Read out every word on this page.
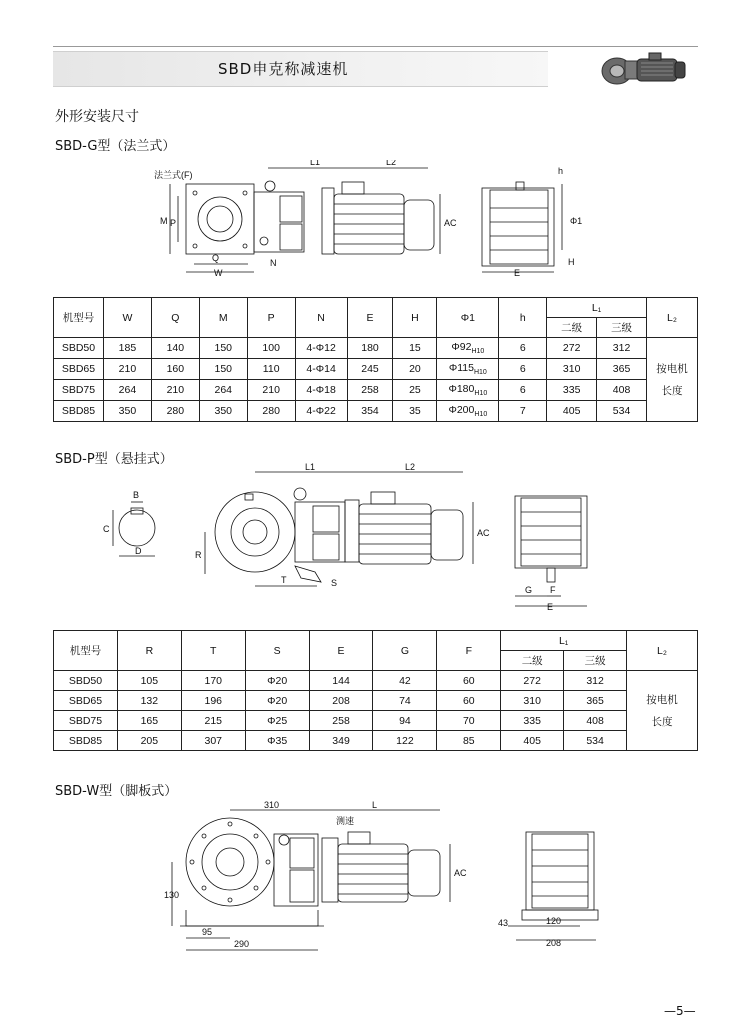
SBD申克称减速机
外形安装尺寸
SBD-G型（法兰式）
法兰式(F)
L1	L2
M P
Q
W
N
AC	Φ1
h
H
E
机型号	W	Q	M	P	N	E	H	Φ1	h	L₁		L₂
										二级	三级	
SBD50	185	140	150	100	4-Φ12	180	15	$\Phi 92_{H10}$	6	272	312	按电机
长度
SBD65	210	160	150	110	4-Φ14	245	20	$\Phi 115_{H10}$	6	310	365	
SBD75	264	210	264	210	4-Φ18	258	25	$\Phi 180_{H10}$	6	335	408	
SBD85	350	280	350	280	4-Φ22	354	35	$\Phi 200_{H10}$	7	405	534	
SBD-P型（悬挂式）
B
C
D
L1	L2
R
T	S
AC
G F
E
机型号	R	T	S	E	G	F	L₁		L₂
							二级	三级	
SBD50	105	170	Φ20	144	42	60	272	312	按电机
长度
SBD65	132	196	Φ20	208	74	60	310	365	
SBD75	165	215	Φ25	258	94	70	335	408	
SBD85	205	307	Φ35	349	122	85	405	534	
SBD-W型（脚板式）
310	L
测速
130
95
290
AC
43	120
208
—5—
